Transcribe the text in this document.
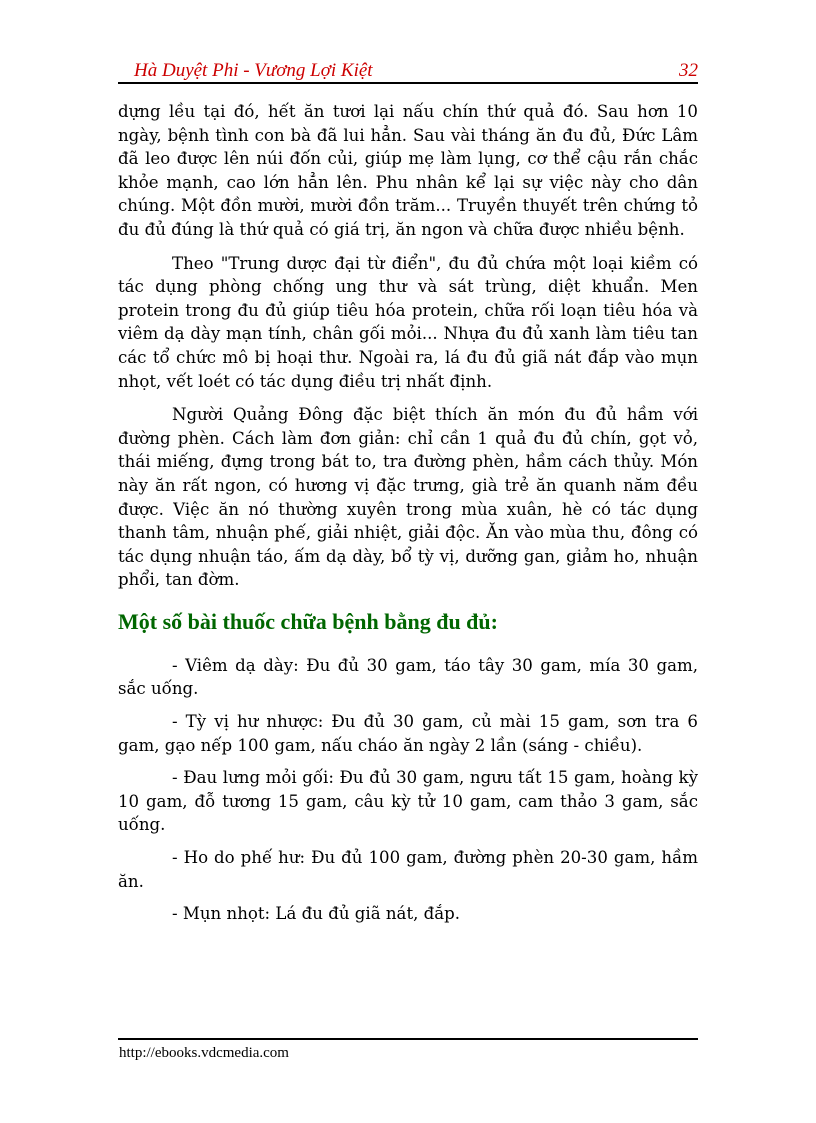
Hà Duyệt Phi - Vương Lợi Kiệt	32

dựng lều tại đó, hết ăn tươi lại nấu chín thứ quả đó. Sau hơn 10 ngày, bệnh tình con bà đã lui hẳn. Sau vài tháng ăn đu đủ, Đức Lâm đã leo được lên núi đốn củi, giúp mẹ làm lụng, cơ thể cậu rắn chắc khỏe mạnh, cao lớn hẳn lên. Phu nhân kể lại sự việc này cho dân chúng. Một đồn mười, mười đồn trăm... Truyền thuyết trên chứng tỏ đu đủ đúng là thứ quả có giá trị, ăn ngon và chữa được nhiều bệnh.

Theo "Trung dược đại từ điển", đu đủ chứa một loại kiềm có tác dụng phòng chống ung thư và sát trùng, diệt khuẩn. Men protein trong đu đủ giúp tiêu hóa protein, chữa rối loạn tiêu hóa và viêm dạ dày mạn tính, chân gối mỏi... Nhựa đu đủ xanh làm tiêu tan các tổ chức mô bị hoại thư. Ngoài ra, lá đu đủ giã nát đắp vào mụn nhọt, vết loét có tác dụng điều trị nhất định.

Người Quảng Đông đặc biệt thích ăn món đu đủ hầm với đường phèn. Cách làm đơn giản: chỉ cần 1 quả đu đủ chín, gọt vỏ, thái miếng, đựng trong bát to, tra đường phèn, hầm cách thủy. Món này ăn rất ngon, có hương vị đặc trưng, già trẻ ăn quanh năm đều được. Việc ăn nó thường xuyên trong mùa xuân, hè có tác dụng thanh tâm, nhuận phế, giải nhiệt, giải độc. Ăn vào mùa thu, đông có tác dụng nhuận táo, ấm dạ dày, bổ tỳ vị, dưỡng gan, giảm ho, nhuận phổi, tan đờm.

Một số bài thuốc chữa bệnh bằng đu đủ:

- Viêm dạ dày: Đu đủ 30 gam, táo tây 30 gam, mía 30 gam, sắc uống.

- Tỳ vị hư nhược: Đu đủ 30 gam, củ mài 15 gam, sơn tra 6 gam, gạo nếp 100 gam, nấu cháo ăn ngày 2 lần (sáng - chiều).

- Đau lưng mỏi gối: Đu đủ 30 gam, ngưu tất 15 gam, hoàng kỳ 10 gam, đỗ tương 15 gam, câu kỳ tử 10 gam, cam thảo 3 gam, sắc uống.

- Ho do phế hư: Đu đủ 100 gam, đường phèn 20-30 gam, hầm ăn.

- Mụn nhọt: Lá đu đủ giã nát, đắp.

http://ebooks.vdcmedia.com
